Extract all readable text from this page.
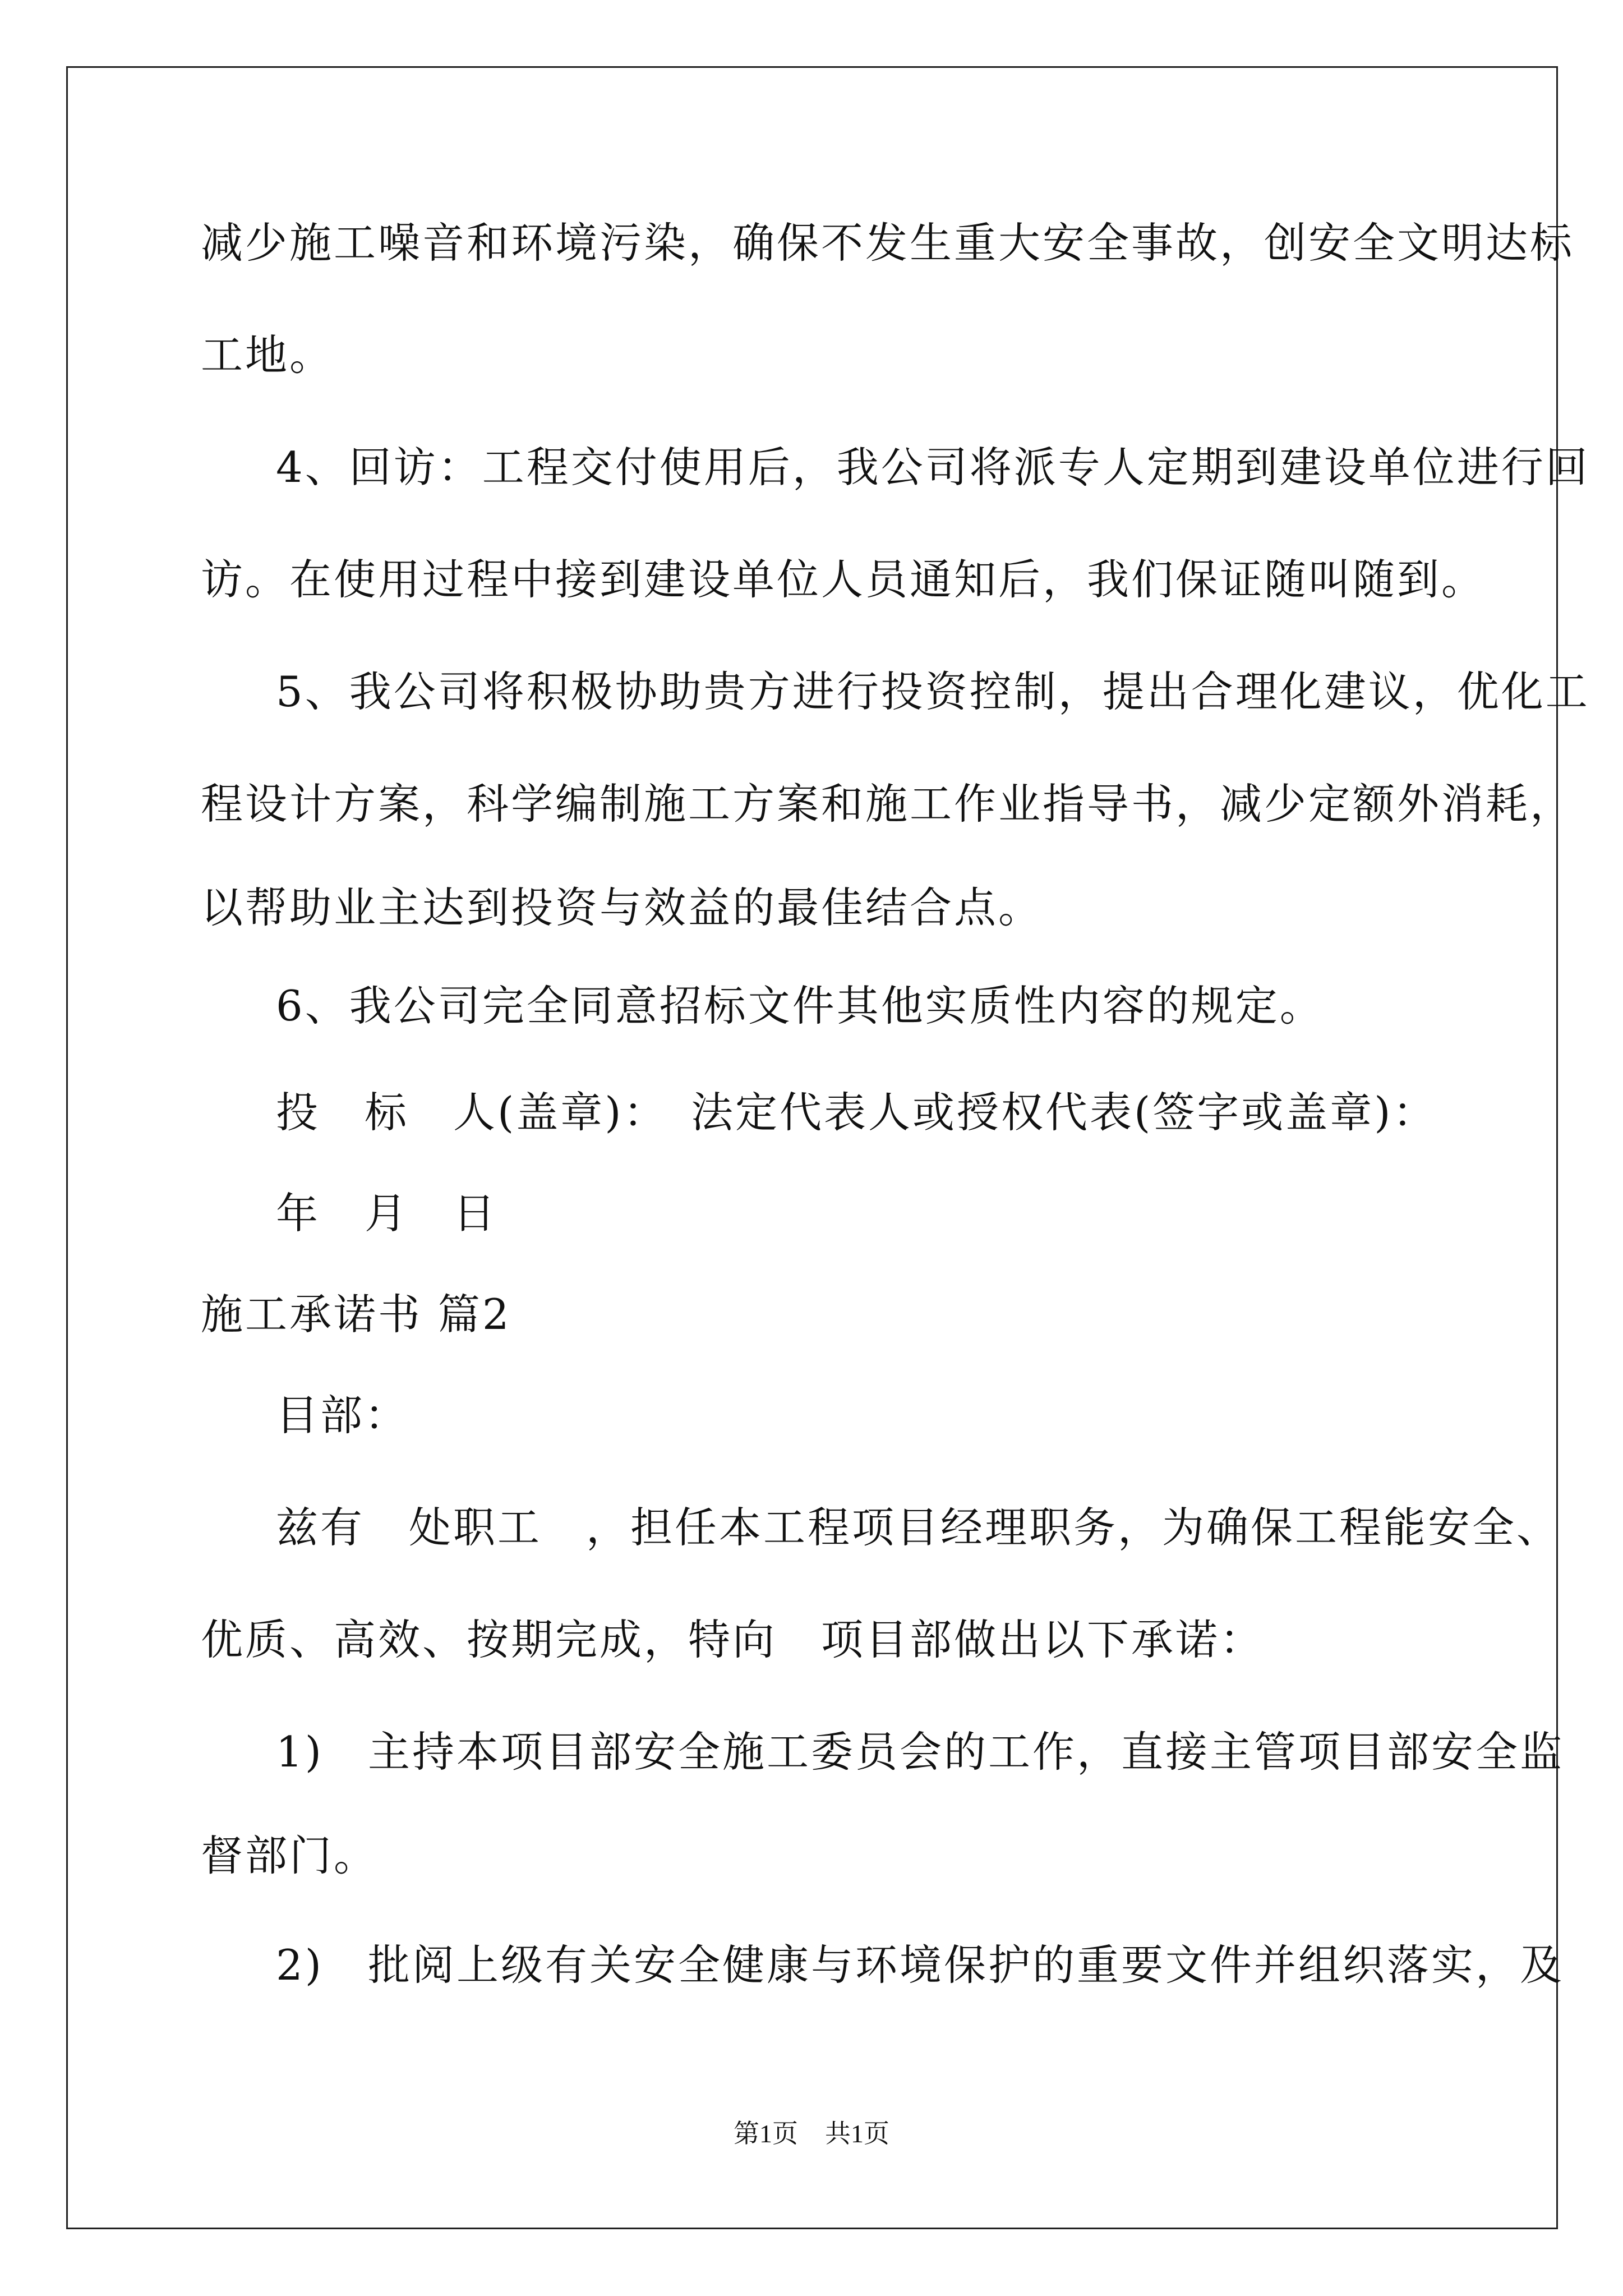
减少施工噪音和环境污染，确保不发生重大安全事故，创安全文明达标
工地。
4、回访：工程交付使用后，我公司将派专人定期到建设单位进行回
访。在使用过程中接到建设单位人员通知后，我们保证随叫随到。
5、我公司将积极协助贵方进行投资控制，提出合理化建议，优化工
程设计方案，科学编制施工方案和施工作业指导书，减少定额外消耗，
以帮助业主达到投资与效益的最佳结合点。
6、我公司完全同意招标文件其他实质性内容的规定。
投　标　人(盖章)：　法定代表人或授权代表(签字或盖章)：
年　月　日
施工承诺书 篇2
目部：
兹有　处职工　，担任本工程项目经理职务，为确保工程能安全、
优质、高效、按期完成，特向　项目部做出以下承诺：
1)　主持本项目部安全施工委员会的工作，直接主管项目部安全监
督部门。
2)　批阅上级有关安全健康与环境保护的重要文件并组织落实，及
第1页 共1页
